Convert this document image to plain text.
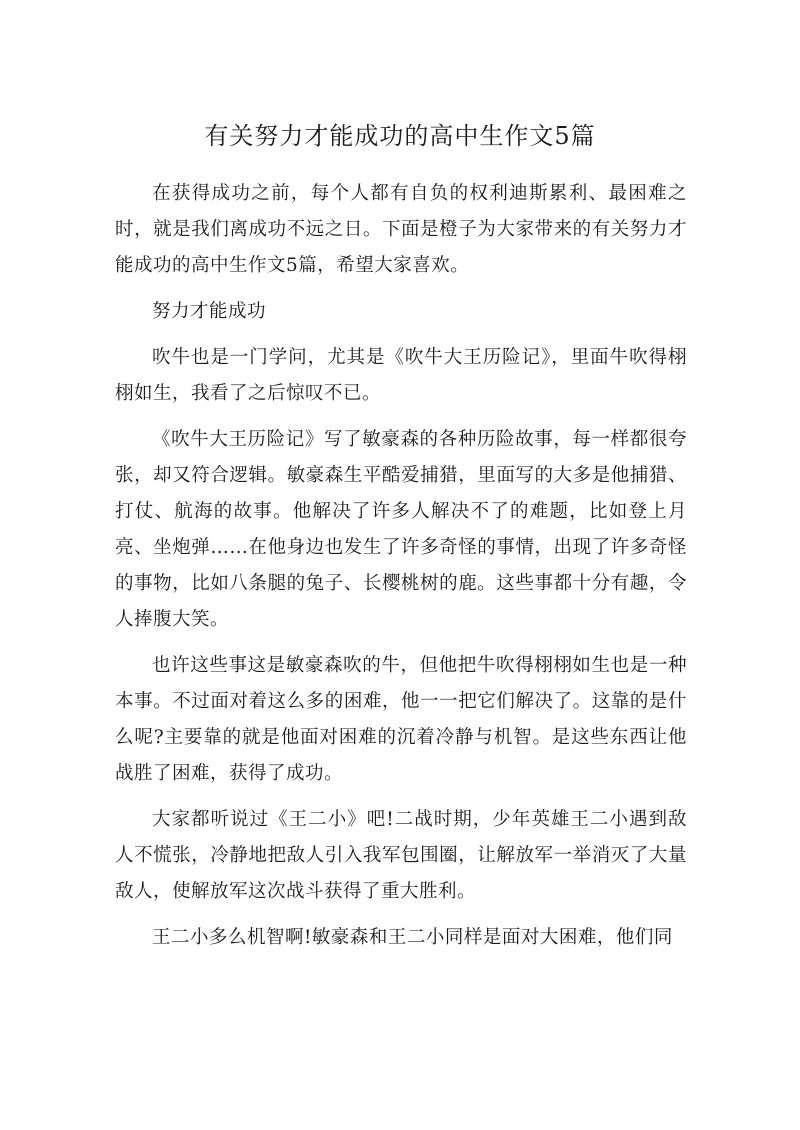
有关努力才能成功的高中生作文5篇

在获得成功之前，每个人都有自负的权利迪斯累利、最困难之时，就是我们离成功不远之日。下面是橙子为大家带来的有关努力才能成功的高中生作文5篇，希望大家喜欢。

努力才能成功

吹牛也是一门学问，尤其是《吹牛大王历险记》，里面牛吹得栩栩如生，我看了之后惊叹不已。

《吹牛大王历险记》写了敏豪森的各种历险故事，每一样都很夸张，却又符合逻辑。敏豪森生平酷爱捕猎，里面写的大多是他捕猎、打仗、航海的故事。他解决了许多人解决不了的难题，比如登上月亮、坐炮弹……在他身边也发生了许多奇怪的事情，出现了许多奇怪的事物，比如八条腿的兔子、长樱桃树的鹿。这些事都十分有趣，令人捧腹大笑。

也许这些事这是敏豪森吹的牛，但他把牛吹得栩栩如生也是一种本事。不过面对着这么多的困难，他一一把它们解决了。这靠的是什么呢?主要靠的就是他面对困难的沉着冷静与机智。是这些东西让他战胜了困难，获得了成功。

大家都听说过《王二小》吧!二战时期，少年英雄王二小遇到敌人不慌张，冷静地把敌人引入我军包围圈，让解放军一举消灭了大量敌人，使解放军这次战斗获得了重大胜利。

王二小多么机智啊!敏豪森和王二小同样是面对大困难，他们同
